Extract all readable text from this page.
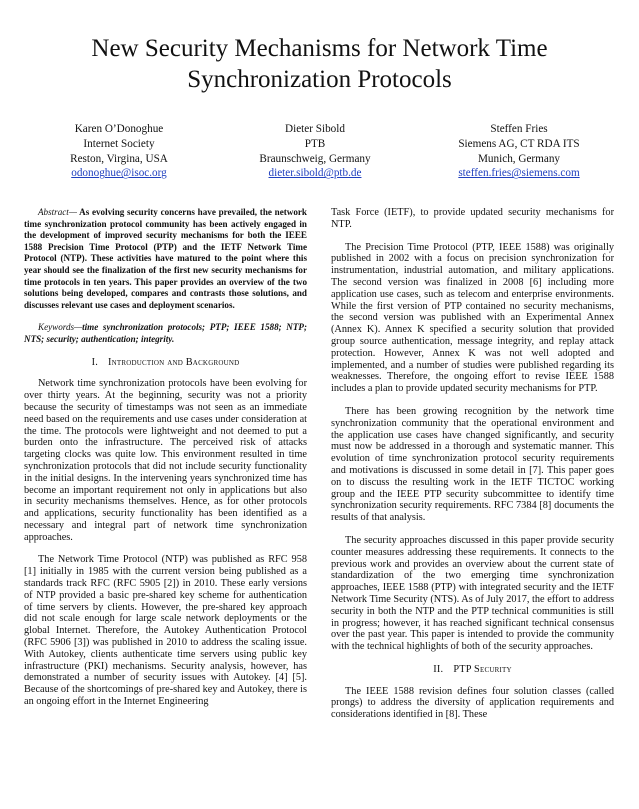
New Security Mechanisms for Network Time
Synchronization Protocols
Karen O’Donoghue
Internet Society
Reston, Virgina, USA
odonoghue@isoc.org
Dieter Sibold
PTB
Braunschweig, Germany
dieter.sibold@ptb.de
Steffen Fries
Siemens AG, CT RDA ITS
Munich, Germany
steffen.fries@siemens.com

Abstract— As evolving security concerns have prevailed, the network time synchronization protocol community has been actively engaged in the development of improved security mechanisms for both the IEEE 1588 Precision Time Protocol (PTP) and the IETF Network Time Protocol (NTP). These activities have matured to the point where this year should see the finalization of the first new security mechanisms for time protocols in ten years. This paper provides an overview of the two solutions being developed, compares and contrasts those solutions, and discusses relevant use cases and deployment scenarios.

Keywords—time synchronization protocols; PTP; IEEE 1588; NTP; NTS; security; authentication; integrity.

I. Introduction and Background

Network time synchronization protocols have been evolving for over thirty years. At the beginning, security was not a priority because the security of timestamps was not seen as an immediate need based on the requirements and use cases under consideration at the time. The protocols were lightweight and not deemed to put a burden onto the infrastructure. The perceived risk of attacks targeting clocks was quite low. This environment resulted in time synchronization protocols that did not include security functionality in the initial designs. In the intervening years synchronized time has become an important requirement not only in applications but also in security mechanisms themselves. Hence, as for other protocols and applications, security functionality has been identified as a necessary and integral part of network time synchronization approaches.

The Network Time Protocol (NTP) was published as RFC 958 [1] initially in 1985 with the current version being published as a standards track RFC (RFC 5905 [2]) in 2010. These early versions of NTP provided a basic pre-shared key scheme for authentication of time servers by clients. However, the pre-shared key approach did not scale enough for large scale network deployments or the global Internet. Therefore, the Autokey Authentication Protocol (RFC 5906 [3]) was published in 2010 to address the scaling issue. With Autokey, clients authenticate time servers using public key infrastructure (PKI) mechanisms. Security analysis, however, has demonstrated a number of security issues with Autokey. [4] [5]. Because of the shortcomings of pre-shared key and Autokey, there is an ongoing effort in the Internet Engineering

Task Force (IETF), to provide updated security mechanisms for NTP.

The Precision Time Protocol (PTP, IEEE 1588) was originally published in 2002 with a focus on precision synchronization for instrumentation, industrial automation, and military applications. The second version was finalized in 2008 [6] including more application use cases, such as telecom and enterprise environments. While the first version of PTP contained no security mechanisms, the second version was published with an Experimental Annex (Annex K). Annex K specified a security solution that provided group source authentication, message integrity, and replay attack protection. However, Annex K was not well adopted and implemented, and a number of studies were published regarding its weaknesses. Therefore, the ongoing effort to revise IEEE 1588 includes a plan to provide updated security mechanisms for PTP.

There has been growing recognition by the network time synchronization community that the operational environment and the application use cases have changed significantly, and security must now be addressed in a thorough and systematic manner. This evolution of time synchronization protocol security requirements and motivations is discussed in some detail in [7]. This paper goes on to discuss the resulting work in the IETF TICTOC working group and the IEEE PTP security subcommittee to identify time synchronization security requirements. RFC 7384 [8] documents the results of that analysis.

The security approaches discussed in this paper provide security counter measures addressing these requirements. It connects to the previous work and provides an overview about the current state of standardization of the two emerging time synchronization approaches, IEEE 1588 (PTP) with integrated security and the IETF Network Time Security (NTS). As of July 2017, the effort to address security in both the NTP and the PTP technical communities is still in progress; however, it has reached significant technical consensus over the past year. This paper is intended to provide the community with the technical highlights of both of the security approaches.

II. PTP Security

The IEEE 1588 revision defines four solution classes (called prongs) to address the diversity of application requirements and considerations identified in [8]. These
